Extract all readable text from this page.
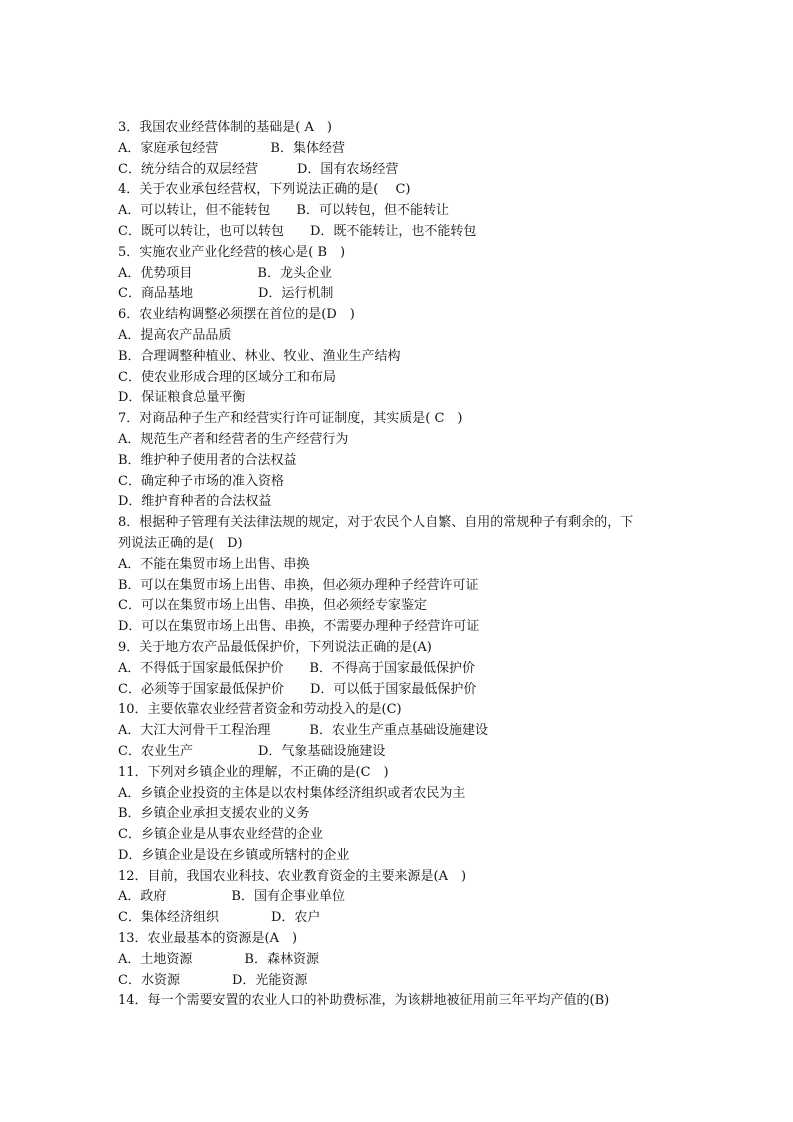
3．我国农业经营体制的基础是( A　)
A．家庭承包经营　　　　B．集体经营
C．统分结合的双层经营　　　D．国有农场经营
4．关于农业承包经营权，下列说法正确的是(　 C)
A．可以转让，但不能转包　　B．可以转包，但不能转让
C．既可以转让，也可以转包　　D．既不能转让，也不能转包
5．实施农业产业化经营的核心是( B　)
A．优势项目　　　　　B．龙头企业
C．商品基地　　　　　D．运行机制
6．农业结构调整必须摆在首位的是(D　)
A．提高农产品品质
B．合理调整种植业、林业、牧业、渔业生产结构
C．使农业形成合理的区域分工和布局
D．保证粮食总量平衡
7．对商品种子生产和经营实行许可证制度，其实质是( C　)
A．规范生产者和经营者的生产经营行为
B．维护种子使用者的合法权益
C．确定种子市场的准入资格
D．维护育种者的合法权益
8．根据种子管理有关法律法规的规定，对于农民个人自繁、自用的常规种子有剩余的，下
列说法正确的是(　D)
A．不能在集贸市场上出售、串换
B．可以在集贸市场上出售、串换，但必须办理种子经营许可证
C．可以在集贸市场上出售、串换，但必须经专家鉴定
D．可以在集贸市场上出售、串换，不需要办理种子经营许可证
9．关于地方农产品最低保护价，下列说法正确的是(A)
A．不得低于国家最低保护价　　B．不得高于国家最低保护价
C．必须等于国家最低保护价　　D．可以低于国家最低保护价
10．主要依靠农业经营者资金和劳动投入的是(C)
A．大江大河骨干工程治理　　　B．农业生产重点基础设施建设
C．农业生产　　　　　D．气象基础设施建设
11．下列对乡镇企业的理解，不正确的是(C　)
A．乡镇企业投资的主体是以农村集体经济组织或者农民为主
B．乡镇企业承担支援农业的义务
C．乡镇企业是从事农业经营的企业
D．乡镇企业是设在乡镇或所辖村的企业
12．目前，我国农业科技、农业教育资金的主要来源是(A　)
A．政府　　　　　B．国有企事业单位
C．集体经济组织　　　　D．农户
13．农业最基本的资源是(A　)
A．土地资源　　　　B．森林资源
C．水资源　　　　D．光能资源
14．每一个需要安置的农业人口的补助费标准，为该耕地被征用前三年平均产值的(B)
